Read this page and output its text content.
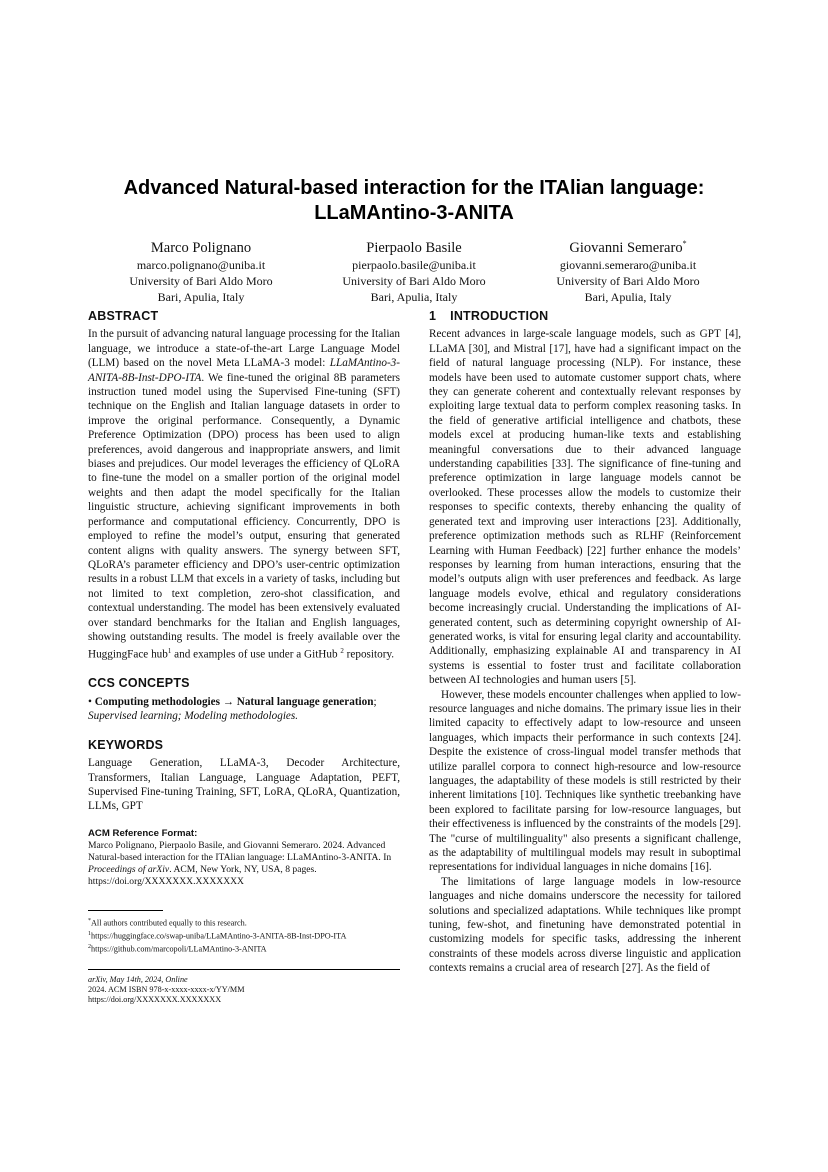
Advanced Natural-based interaction for the ITAlian language:
LLaMAntino-3-ANITA
Marco Polignano
marco.polignano@uniba.it
University of Bari Aldo Moro
Bari, Apulia, Italy
Pierpaolo Basile
pierpaolo.basile@uniba.it
University of Bari Aldo Moro
Bari, Apulia, Italy
Giovanni Semeraro*
giovanni.semeraro@uniba.it
University of Bari Aldo Moro
Bari, Apulia, Italy
ABSTRACT

In the pursuit of advancing natural language processing for the Italian language, we introduce a state-of-the-art Large Language Model (LLM) based on the novel Meta LLaMA-3 model: LLaMAntino-3-ANITA-8B-Inst-DPO-ITA. We fine-tuned the original 8B parameters instruction tuned model using the Supervised Fine-tuning (SFT) technique on the English and Italian language datasets in order to improve the original performance. Consequently, a Dynamic Preference Optimization (DPO) process has been used to align preferences, avoid dangerous and inappropriate answers, and limit biases and prejudices. Our model leverages the efficiency of QLoRA to fine-tune the model on a smaller portion of the original model weights and then adapt the model specifically for the Italian linguistic structure, achieving significant improvements in both performance and computational efficiency. Concurrently, DPO is employed to refine the model’s output, ensuring that generated content aligns with quality answers. The synergy between SFT, QLoRA’s parameter efficiency and DPO’s user-centric optimization results in a robust LLM that excels in a variety of tasks, including but not limited to text completion, zero-shot classification, and contextual understanding. The model has been extensively evaluated over standard benchmarks for the Italian and English languages, showing outstanding results. The model is freely available over the HuggingFace hub$^1$ and examples of use under a GitHub $^2$ repository.

CCS CONCEPTS

• Computing methodologies → Natural language generation; Supervised learning; Modeling methodologies.

KEYWORDS

Language Generation, LLaMA-3, Decoder Architecture, Transformers, Italian Language, Language Adaptation, PEFT, Supervised Fine-tuning Training, SFT, LoRA, QLoRA, Quantization, LLMs, GPT

ACM Reference Format:
Marco Polignano, Pierpaolo Basile, and Giovanni Semeraro. 2024. Advanced Natural-based interaction for the ITAlian language: LLaMAntino-3-ANITA. In Proceedings of arXiv. ACM, New York, NY, USA, 8 pages. https://doi.org/XXXXXXX.XXXXXXX
*All authors contributed equally to this research.
$^1$https://huggingface.co/swap-uniba/LLaMAntino-3-ANITA-8B-Inst-DPO-ITA
$^2$https://github.com/marcopoli/LLaMAntino-3-ANITA
arXiv, May 14th, 2024, Online
2024. ACM ISBN 978-x-xxxx-xxxx-x/YY/MM
https://doi.org/XXXXXXX.XXXXXXX
1 INTRODUCTION

Recent advances in large-scale language models, such as GPT [4], LLaMA [30], and Mistral [17], have had a significant impact on the field of natural language processing (NLP). For instance, these models have been used to automate customer support chats, where they can generate coherent and contextually relevant responses by exploiting large textual data to perform complex reasoning tasks. In the field of generative artificial intelligence and chatbots, these models excel at producing human-like texts and establishing meaningful conversations due to their advanced language understanding capabilities [33]. The significance of fine-tuning and preference optimization in large language models cannot be overlooked. These processes allow the models to customize their responses to specific contexts, thereby enhancing the quality of generated text and improving user interactions [23]. Additionally, preference optimization methods such as RLHF (Reinforcement Learning with Human Feedback) [22] further enhance the models’ responses by learning from human interactions, ensuring that the model’s outputs align with user preferences and feedback. As large language models evolve, ethical and regulatory considerations become increasingly crucial. Understanding the implications of AI-generated content, such as determining copyright ownership of AI-generated works, is vital for ensuring legal clarity and accountability. Additionally, emphasizing explainable AI and transparency in AI systems is essential to foster trust and facilitate collaboration between AI technologies and human users [5].

However, these models encounter challenges when applied to low-resource languages and niche domains. The primary issue lies in their limited capacity to effectively adapt to low-resource and unseen languages, which impacts their performance in such contexts [24]. Despite the existence of cross-lingual model transfer methods that utilize parallel corpora to connect high-resource and low-resource languages, the adaptability of these models is still restricted by their inherent limitations [10]. Techniques like synthetic treebanking have been explored to facilitate parsing for low-resource languages, but their effectiveness is influenced by the constraints of the models [29]. The "curse of multilinguality" also presents a significant challenge, as the adaptability of multilingual models may result in suboptimal representations for individual languages in niche domains [16].

The limitations of large language models in low-resource languages and niche domains underscore the necessity for tailored solutions and specialized adaptations. While techniques like prompt tuning, few-shot, and finetuning have demonstrated potential in customizing models for specific tasks, addressing the inherent constraints of these models across diverse linguistic and application contexts remains a crucial area of research [27]. As the field of
